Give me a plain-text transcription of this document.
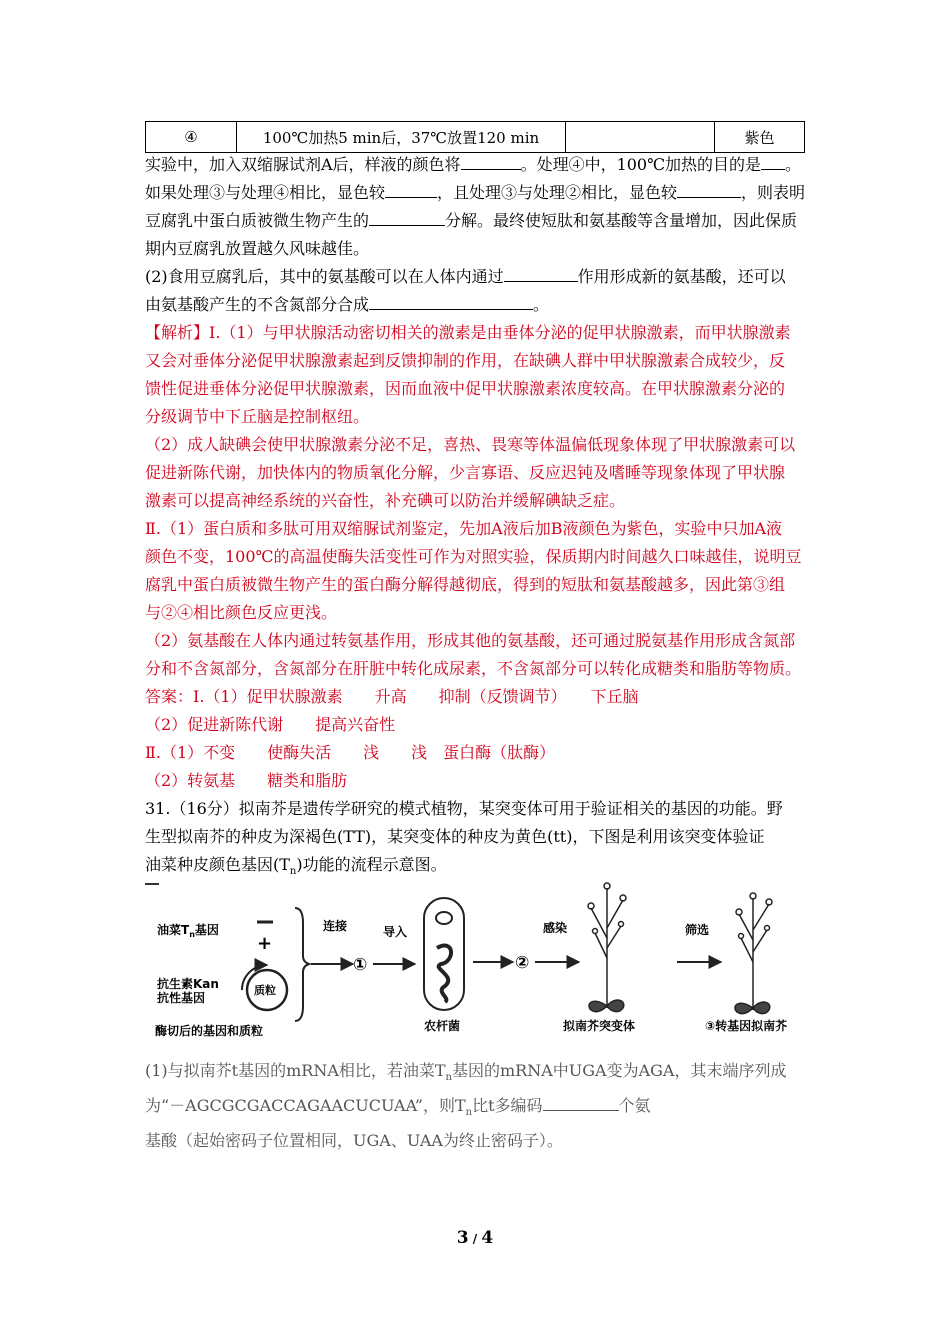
④	100℃加热5 min后，37℃放置120 min		紫色

实验中，加入双缩脲试剂A后，样液的颜色将	。处理④中，100℃加热的目的是 。

如果处理③与处理④相比，显色较	，且处理③与处理②相比，显色较	，则表明

豆腐乳中蛋白质被微生物产生的	分解。最终使短肽和氨基酸等含量增加，因此保质

期内豆腐乳放置越久风味越佳。

(2)食用豆腐乳后，其中的氨基酸可以在人体内通过	作用形成新的氨基酸，还可以

由氨基酸产生的不含氮部分合成	。

【解析】Ⅰ.（1）与甲状腺活动密切相关的激素是由垂体分泌的促甲状腺激素，而甲状腺激素

又会对垂体分泌促甲状腺激素起到反馈抑制的作用，在缺碘人群中甲状腺激素合成较少，反

馈性促进垂体分泌促甲状腺激素，因而血液中促甲状腺激素浓度较高。在甲状腺激素分泌的

分级调节中下丘脑是控制枢纽。

（2）成人缺碘会使甲状腺激素分泌不足，喜热、畏寒等体温偏低现象体现了甲状腺激素可以

促进新陈代谢，加快体内的物质氧化分解，少言寡语、反应迟钝及嗜睡等现象体现了甲状腺

激素可以提高神经系统的兴奋性，补充碘可以防治并缓解碘缺乏症。

Ⅱ.（1）蛋白质和多肽可用双缩脲试剂鉴定，先加A液后加B液颜色为紫色，实验中只加A液

颜色不变，100℃的高温使酶失活变性可作为对照实验，保质期内时间越久口味越佳，说明豆

腐乳中蛋白质被微生物产生的蛋白酶分解得越彻底，得到的短肽和氨基酸越多，因此第③组

与②④相比颜色反应更浅。

（2）氨基酸在人体内通过转氨基作用，形成其他的氨基酸，还可通过脱氨基作用形成含氮部

分和不含氮部分，含氮部分在肝脏中转化成尿素，不含氮部分可以转化成糖类和脂肪等物质。

答案：Ⅰ.（1）促甲状腺激素　　升高　　抑制（反馈调节）　　下丘脑

（2）促进新陈代谢　　提高兴奋性

Ⅱ.（1）不变　　使酶失活　　浅　　浅　蛋白酶（肽酶）

（2）转氨基　　糖类和脂肪

31.（16分）拟南芥是遗传学研究的模式植物，某突变体可用于验证相关的基因的功能。野

生型拟南芥的种皮为深褐色(TT)，某突变体的种皮为黄色(tt)，下图是利用该突变体验证

油菜种皮颜色基因$(T_n)$功能的流程示意图。

油菜$T_n$基因
+
抗生素Kan
抗性基因
质粒
酶切后的基因和质粒
连接
①
导入
农杆菌
②
感染
拟南芥突变体
筛选
③转基因拟南芥

(1)与拟南芥t基因的mRNA相比，若油菜$T_n$基因的mRNA中UGA变为AGA，其末端序列成

为“－AGCGCGACCAGAACUCUAA”，则$T_n$比t多编码	个氨

基酸（起始密码子位置相同，UGA、UAA为终止密码子）。

3 / 4
